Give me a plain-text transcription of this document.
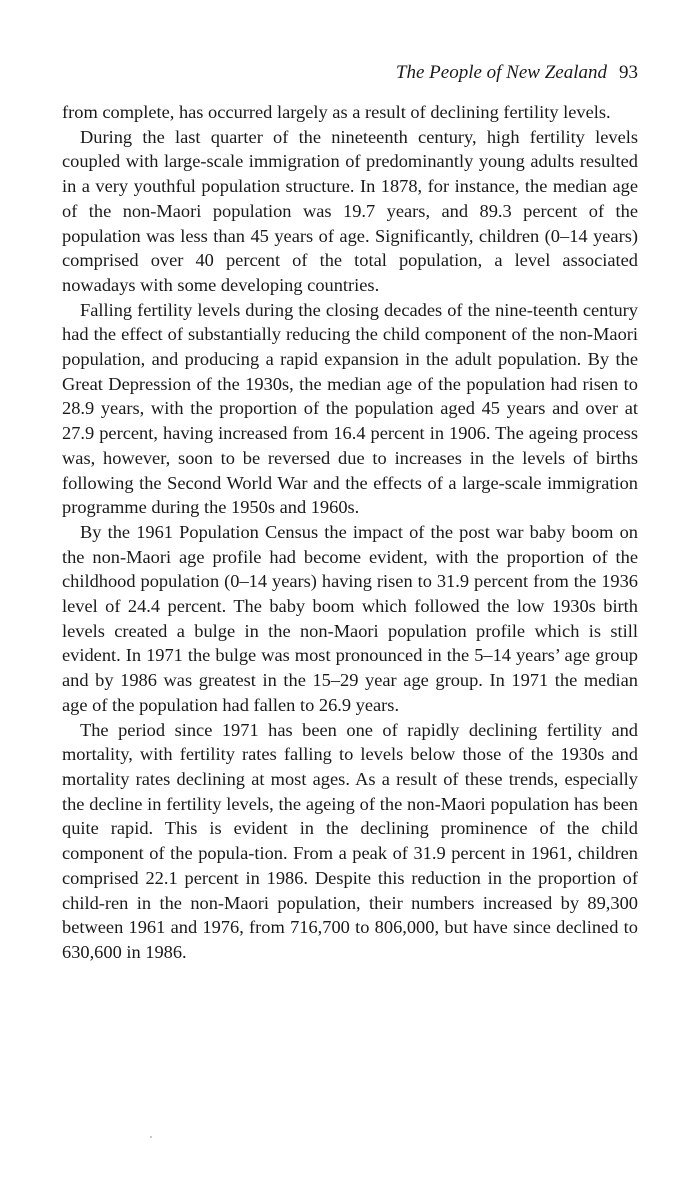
The People of New Zealand 93

from complete, has occurred largely as a result of declining fertility levels.

During the last quarter of the nineteenth century, high fertility levels coupled with large-scale immigration of predominantly young adults resulted in a very youthful population structure. In 1878, for instance, the median age of the non-Maori population was 19.7 years, and 89.3 percent of the population was less than 45 years of age. Significantly, children (0–14 years) comprised over 40 percent of the total population, a level associated nowadays with some developing countries.

Falling fertility levels during the closing decades of the nine-teenth century had the effect of substantially reducing the child component of the non-Maori population, and producing a rapid expansion in the adult population. By the Great Depression of the 1930s, the median age of the population had risen to 28.9 years, with the proportion of the population aged 45 years and over at 27.9 percent, having increased from 16.4 percent in 1906. The ageing process was, however, soon to be reversed due to increases in the levels of births following the Second World War and the effects of a large-scale immigration programme during the 1950s and 1960s.

By the 1961 Population Census the impact of the post war baby boom on the non-Maori age profile had become evident, with the proportion of the childhood population (0–14 years) having risen to 31.9 percent from the 1936 level of 24.4 percent. The baby boom which followed the low 1930s birth levels created a bulge in the non-Maori population profile which is still evident. In 1971 the bulge was most pronounced in the 5–14 years’ age group and by 1986 was greatest in the 15–29 year age group. In 1971 the median age of the population had fallen to 26.9 years.

The period since 1971 has been one of rapidly declining fertility and mortality, with fertility rates falling to levels below those of the 1930s and mortality rates declining at most ages. As a result of these trends, especially the decline in fertility levels, the ageing of the non-Maori population has been quite rapid. This is evident in the declining prominence of the child component of the popula-tion. From a peak of 31.9 percent in 1961, children comprised 22.1 percent in 1986. Despite this reduction in the proportion of child-ren in the non-Maori population, their numbers increased by 89,300 between 1961 and 1976, from 716,700 to 806,000, but have since declined to 630,600 in 1986.
